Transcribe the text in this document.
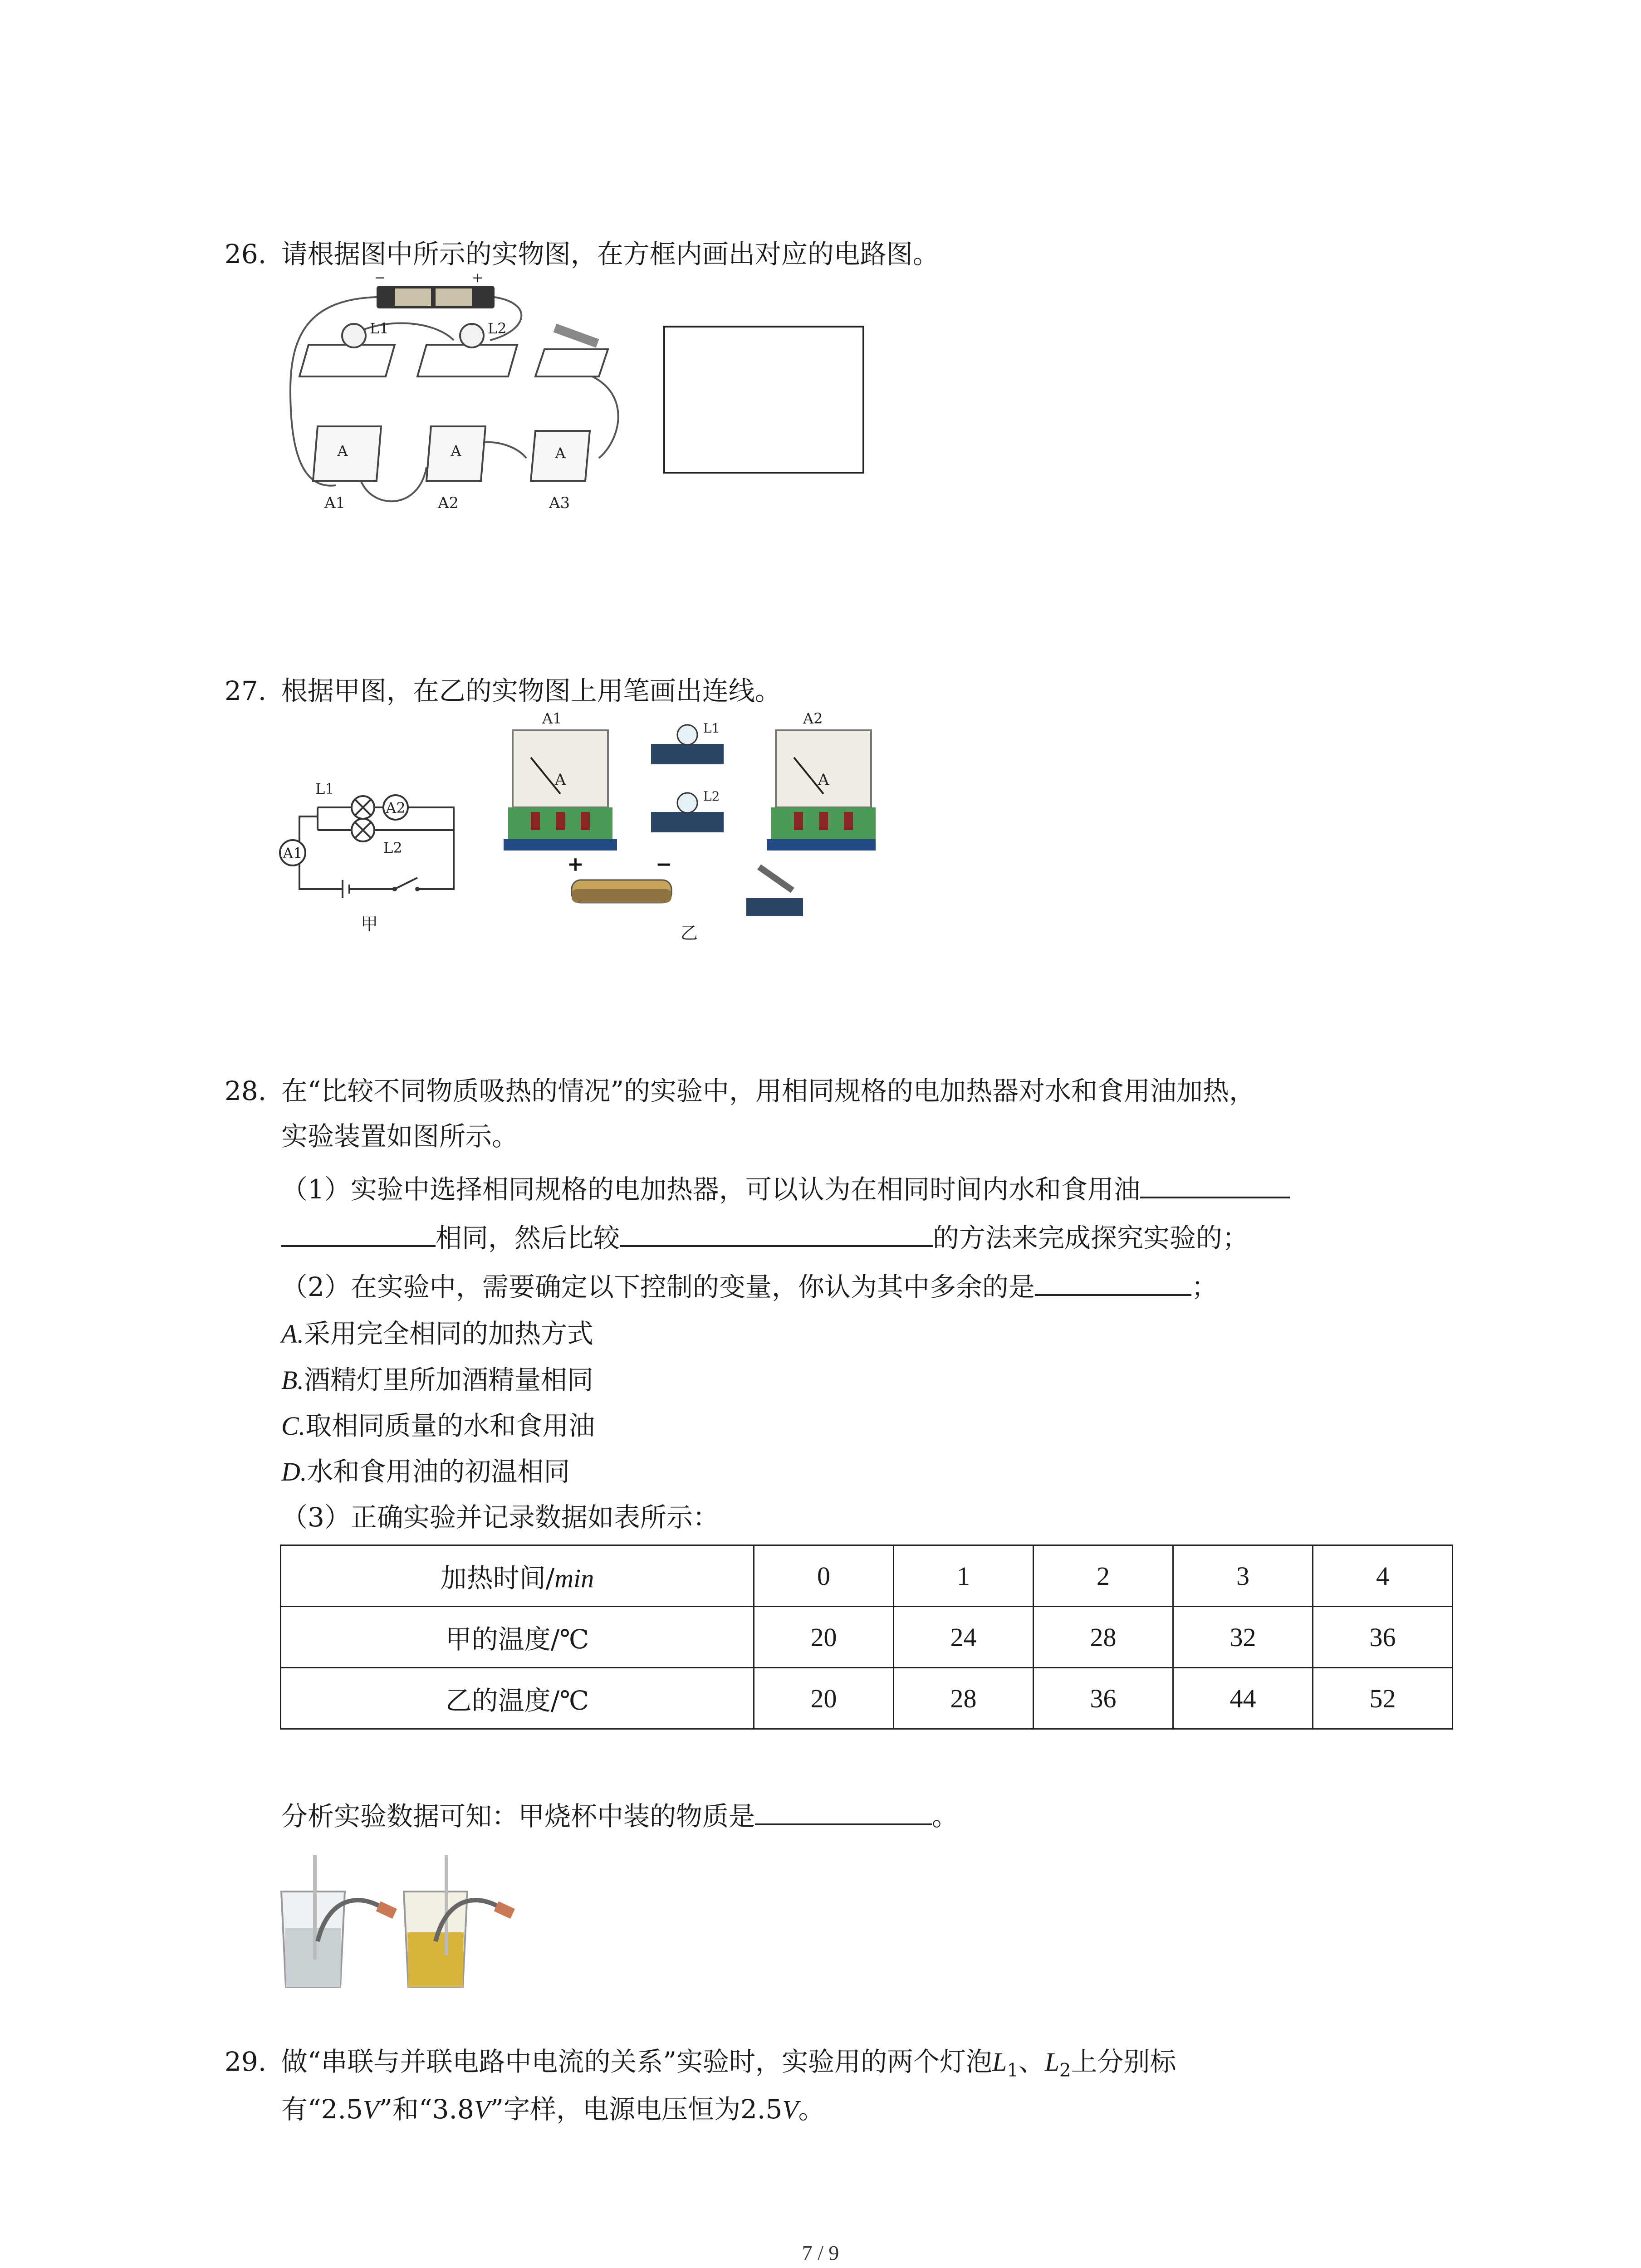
26. 请根据图中所示的实物图，在方框内画出对应的电路图。
−	+
L1	L2
A	A	A
A1	A2	A3
27. 根据甲图，在乙的实物图上用笔画出连线。
A2
A1
L1
L2
甲
A1
A
L1
L2
A2
A
+	−
乙
28. 在“比较不同物质吸热的情况”的实验中，用相同规格的电加热器对水和食用油加热，
实验装置如图所示。
（1）实验中选择相同规格的电加热器，可以认为在相同时间内水和食用油
相同，然后比较	的方法来完成探究实验的；
（2）在实验中，需要确定以下控制的变量，你认为其中多余的是	；
A.采用完全相同的加热方式
B.酒精灯里所加酒精量相同
C.取相同质量的水和食用油
D.水和食用油的初温相同
（3）正确实验并记录数据如表所示：
加热时间/min	0	1	2	3	4
甲的温度/℃	20	24	28	32	36
乙的温度/℃	20	28	36	44	52
分析实验数据可知：甲烧杯中装的物质是	。
29. 做“串联与并联电路中电流的关系”实验时，实验用的两个灯泡$L_1$、$L_2$上分别标
有“2.5V”和“3.8V”字样，电源电压恒为2.5V。
7 / 9
